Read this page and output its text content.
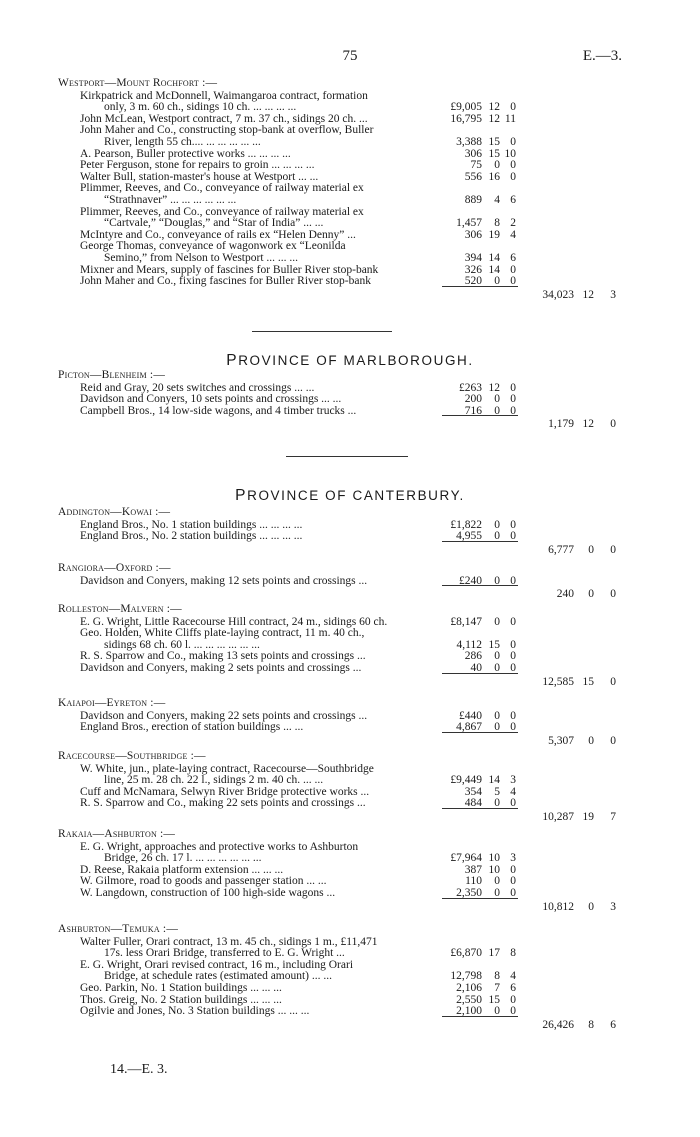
75	E.—3.
Westport—Mount Rochfort :—
Kirkpatrick and McDonnell, Waimangaroa contract, formation
only, 3 m. 60 ch., sidings 10 ch. ... ... ... ...	£9,005 12 0
John McLean, Westport contract, 7 m. 37 ch., sidings 20 ch. ...	16,795 12 11
John Maher and Co., constructing stop-bank at overflow, Buller
River, length 55 ch.... ... ... ... ... ...	3,388 15 0
A. Pearson, Buller protective works ... ... ... ...	306 15 10
Peter Ferguson, stone for repairs to groin ... ... ... ...	75	0 0
Walter Bull, station-master's house at Westport ... ...	556 16 0
Plimmer, Reeves, and Co., conveyance of railway material ex
“Strathnaver” ... ... ... ... ... ...	889	4 6
Plimmer, Reeves, and Co., conveyance of railway material ex
“Cartvale,” “Douglas,” and “Star of India” ... ...	1,457	8 2
McIntyre and Co., conveyance of rails ex “Helen Denny” ...	306 19 4
George Thomas, conveyance of wagonwork ex “Leonilda
Semino,” from Nelson to Westport ... ... ...	394 14 6
Mixner and Mears, supply of fascines for Buller River stop-bank	326 14 0
John Maher and Co., fixing fascines for Buller River stop-bank	520	0 0
34,023 12	3
PROVINCE OF MARLBOROUGH.
Picton—Blenheim :—
Reid and Gray, 20 sets switches and crossings ... ...	£263 12 0
Davidson and Conyers, 10 sets points and crossings ... ...	200	0 0
Campbell Bros., 14 low-side wagons, and 4 timber trucks ...	716	0 0
1,179 12	0
PROVINCE OF CANTERBURY.
Addington—Kowai :—
England Bros., No. 1 station buildings ... ... ... ...	£1,822	0 0
England Bros., No. 2 station buildings ... ... ... ...	4,955	0 0
6,777	0	0
Rangiora—Oxford :—
Davidson and Conyers, making 12 sets points and crossings ...	£240	0 0
240	0	0
Rolleston—Malvern :—
E. G. Wright, Little Racecourse Hill contract, 24 m., sidings 60 ch.	£8,147	0 0
Geo. Holden, White Cliffs plate-laying contract, 11 m. 40 ch.,
sidings 68 ch. 60 l. ... ... ... ... ... ...	4,112 15 0
R. S. Sparrow and Co., making 13 sets points and crossings ...	286	0 0
Davidson and Conyers, making 2 sets points and crossings ...	40	0 0
12,585 15	0
Kaiapoi—Eyreton :—
Davidson and Conyers, making 22 sets points and crossings ...	£440	0 0
England Bros., erection of station buildings ... ...	4,867	0 0
5,307	0	0
Racecourse—Southbridge :—
W. White, jun., plate-laying contract, Racecourse—Southbridge
line, 25 m. 28 ch. 22 l., sidings 2 m. 40 ch. ... ...	£9,449 14 3
Cuff and McNamara, Selwyn River Bridge protective works ...	354	5 4
R. S. Sparrow and Co., making 22 sets points and crossings ...	484	0 0
10,287 19	7
Rakaia—Ashburton :—
E. G. Wright, approaches and protective works to Ashburton
Bridge, 26 ch. 17 l. ... ... ... ... ... ...	£7,964 10 3
D. Reese, Rakaia platform extension ... ... ...	387 10 0
W. Gilmore, road to goods and passenger station ... ...	110	0 0
W. Langdown, construction of 100 high-side wagons ...	2,350	0 0
10,812	0	3
Ashburton—Temuka :—
Walter Fuller, Orari contract, 13 m. 45 ch., sidings 1 m., £11,471
17s. less Orari Bridge, transferred to E. G. Wright ...	£6,870 17 8
E. G. Wright, Orari revised contract, 16 m., including Orari
Bridge, at schedule rates (estimated amount) ... ...	12,798	8 4
Geo. Parkin, No. 1 Station buildings ... ... ...	2,106	7 6
Thos. Greig, No. 2 Station buildings ... ... ...	2,550 15 0
Ogilvie and Jones, No. 3 Station buildings ... ... ...	2,100	0 0
26,426	8	6
14.—E. 3.
